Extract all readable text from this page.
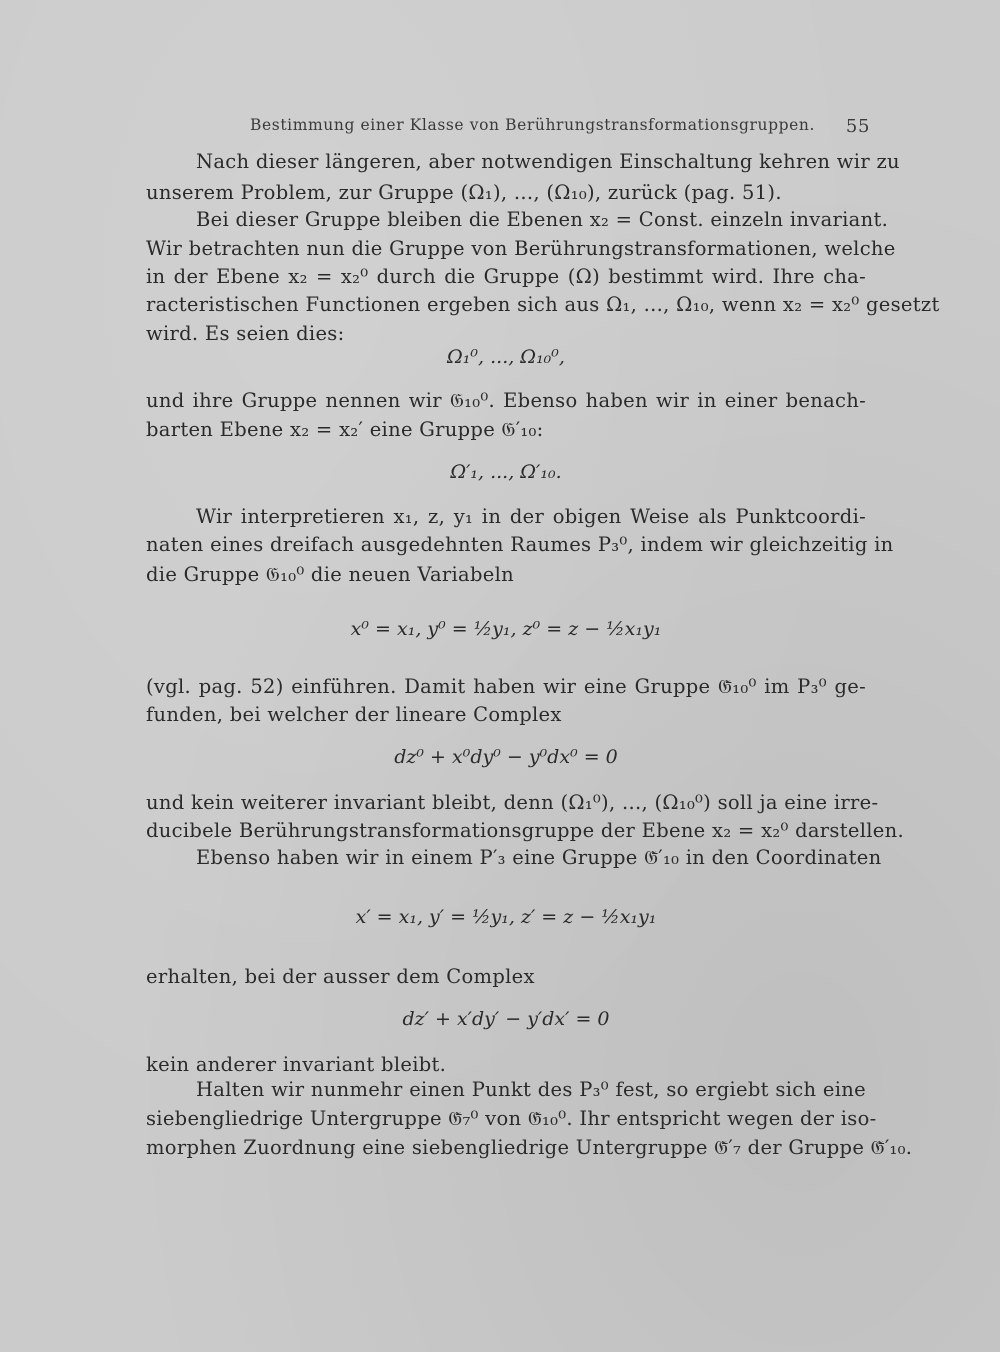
Bestimmung einer Klasse von Berührungstransformationsgruppen. 55
Nach dieser längeren, aber notwendigen Einschaltung kehren wir zu
unserem Problem, zur Gruppe (Ω₁), ..., (Ω₁₀), zurück (pag. 51).
Bei dieser Gruppe bleiben die Ebenen x₂ = Const. einzeln invariant.
Wir betrachten nun die Gruppe von Berührungstransformationen, welche
in der Ebene x₂ = x₂⁰ durch die Gruppe (Ω) bestimmt wird. Ihre cha-
racteristischen Functionen ergeben sich aus Ω₁, ..., Ω₁₀, wenn x₂ = x₂⁰ gesetzt
wird. Es seien dies:
Ω₁⁰, ..., Ω₁₀⁰,
und ihre Gruppe nennen wir 𝔊₁₀⁰. Ebenso haben wir in einer benach-
barten Ebene x₂ = x₂′ eine Gruppe 𝔊′₁₀:
Ω′₁, ..., Ω′₁₀.
Wir interpretieren x₁, z, y₁ in der obigen Weise als Punktcoordi-
naten eines dreifach ausgedehnten Raumes P₃⁰, indem wir gleichzeitig in
die Gruppe 𝔊₁₀⁰ die neuen Variabeln
x⁰ = x₁, y⁰ = ½y₁, z⁰ = z − ½x₁y₁
(vgl. pag. 52) einführen. Damit haben wir eine Gruppe 𝔊̄₁₀⁰ im P₃⁰ ge-
funden, bei welcher der lineare Complex
dz⁰ + x⁰dy⁰ − y⁰dx⁰ = 0
und kein weiterer invariant bleibt, denn (Ω₁⁰), ..., (Ω₁₀⁰) soll ja eine irre-
ducibele Berührungstransformationsgruppe der Ebene x₂ = x₂⁰ darstellen.
Ebenso haben wir in einem P′₃ eine Gruppe 𝔊̄′₁₀ in den Coordinaten
x′ = x₁, y′ = ½y₁, z′ = z − ½x₁y₁
erhalten, bei der ausser dem Complex
dz′ + x′dy′ − y′dx′ = 0
kein anderer invariant bleibt.
Halten wir nunmehr einen Punkt des P₃⁰ fest, so ergiebt sich eine
siebengliedrige Untergruppe 𝔊̄₇⁰ von 𝔊̄₁₀⁰. Ihr entspricht wegen der iso-
morphen Zuordnung eine siebengliedrige Untergruppe 𝔊̄′₇ der Gruppe 𝔊̄′₁₀.
